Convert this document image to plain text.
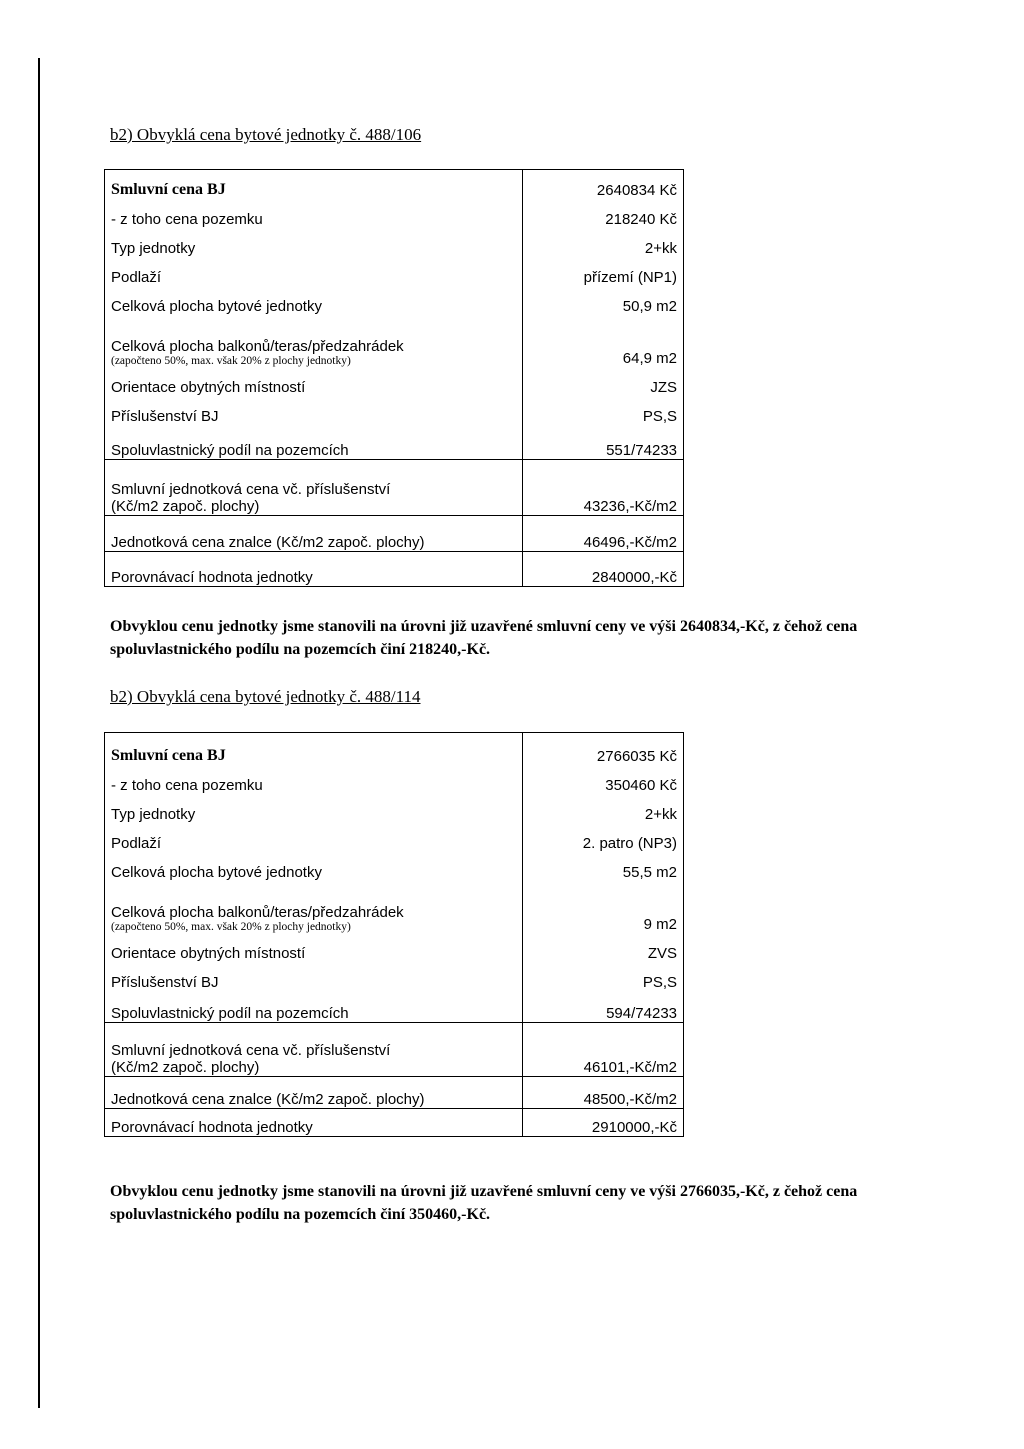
b2) Obvyklá cena bytové jednotky č. 488/106
Smluvní cena BJ	2640834 Kč
- z toho cena pozemku	218240 Kč
Typ jednotky	2+kk
Podlaží	přízemí (NP1)
Celková plocha bytové jednotky	50,9 m2

Celková plocha balkonů/teras/předzahrádek
(započteno 50%, max. však 20% z plochy jednotky)	64,9 m2
Orientace obytných místností	JZS
Příslušenství BJ	PS,S
Spoluvlastnický podíl na pozemcích	551/74233

Smluvní jednotková cena vč. příslušenství
(Kč/m2 započ. plochy)	43236,-Kč/m2
Jednotková cena znalce (Kč/m2 započ. plochy)	46496,-Kč/m2
Porovnávací hodnota jednotky	2840000,-Kč
Obvyklou cenu jednotky jsme stanovili na úrovni již uzavřené smluvní ceny ve výši 2640834,-Kč, z čehož cena spoluvlastnického podílu na pozemcích činí 218240,-Kč.
b2) Obvyklá cena bytové jednotky č. 488/114
Smluvní cena BJ	2766035 Kč
- z toho cena pozemku	350460 Kč
Typ jednotky	2+kk
Podlaží	2. patro (NP3)
Celková plocha bytové jednotky	55,5 m2

Celková plocha balkonů/teras/předzahrádek
(započteno 50%, max. však 20% z plochy jednotky)	9 m2
Orientace obytných místností	ZVS
Příslušenství BJ	PS,S
Spoluvlastnický podíl na pozemcích	594/74233

Smluvní jednotková cena vč. příslušenství
(Kč/m2 započ. plochy)	46101,-Kč/m2
Jednotková cena znalce (Kč/m2 započ. plochy)	48500,-Kč/m2
Porovnávací hodnota jednotky	2910000,-Kč
Obvyklou cenu jednotky jsme stanovili na úrovni již uzavřené smluvní ceny ve výši 2766035,-Kč, z čehož cena spoluvlastnického podílu na pozemcích činí 350460,-Kč.
